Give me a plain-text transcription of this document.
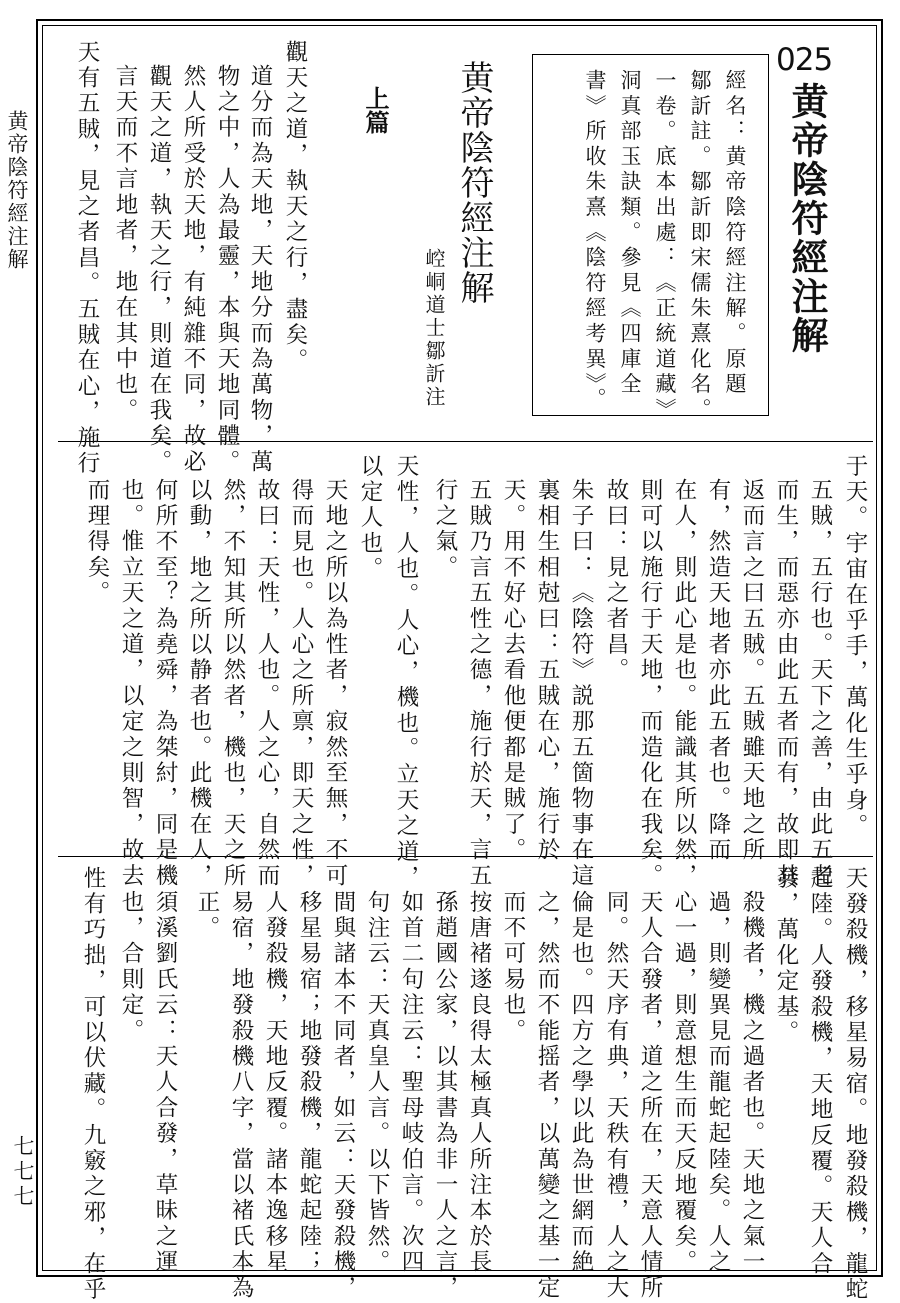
黄帝陰符經注解
七七七
025
黄帝陰符經注解
經名：黄帝陰符經注解。原題
鄒訢註。鄒訢即宋儒朱熹化名。
一卷。底本出處：《正統道藏》
洞真部玉訣類。參見《四庫全
書》所收朱熹《陰符經考異》。
黄帝陰符經注解
崆峒道士鄒訢注
上篇
觀天之道，執天之行，盡矣。
道分而為天地，天地分而為萬物，萬
物之中，人為最靈，本與天地同體。
然人所受於天地，有純雜不同，故必
觀天之道，執天之行，則道在我矣。
言天而不言地者，地在其中也。
天有五賊，見之者昌。五賊在心，施行
于天。宇宙在乎手，萬化生乎身。
五賊，五行也。天下之善，由此五者
而生，而惡亦由此五者而有，故即其
返而言之曰五賊。五賊雖天地之所
有，然造天地者亦此五者也。降而
在人，則此心是也。能識其所以然，
則可以施行于天地，而造化在我矣。
故曰：見之者昌。
朱子曰：《陰符》説那五箇物事在這
裏相生相尅曰：五賊在心，施行於
天。用不好心去看他便都是賊了。
五賊乃言五性之德，施行於天，言五
行之氣。
天性，人也。人心，機也。立天之道，
以定人也。
天地之所以為性者，寂然至無，不可
得而見也。人心之所禀，即天之性，
故曰：天性，人也。人之心，自然而
然，不知其所以然者，機也，天之所
以動，地之所以静者也。此機在人，
何所不至？為堯舜，為桀紂，同是機
也。惟立天之道，以定之則智，故去
而理得矣。
天發殺機，移星易宿。地發殺機，龍蛇
起陸。人發殺機，天地反覆。天人合
發，萬化定基。
殺機者，機之過者也。天地之氣一
過，則變異見而龍蛇起陸矣。人之
心一過，則意想生而天反地覆矣。
天人合發者，道之所在，天意人情所
同。然天序有典，天秩有禮，人之大
倫是也。四方之學以此為世網而絶
之，然而不能摇者，以萬變之基一定
而不可易也。
按唐褚遂良得太極真人所注本於長
孫趙國公家，以其書為非一人之言，
如首二句注云：聖母岐伯言。次四
句注云：天真皇人言。以下皆然。
間與諸本不同者，如云：天發殺機，
移星易宿；地發殺機，龍蛇起陸；
人發殺機，天地反覆。諸本逸移星
易宿，地發殺機八字，當以褚氏本為
正。
須溪劉氏云：天人合發，草昧之運
也，合則定。
性有巧拙，可以伏藏。九竅之邪，在乎
